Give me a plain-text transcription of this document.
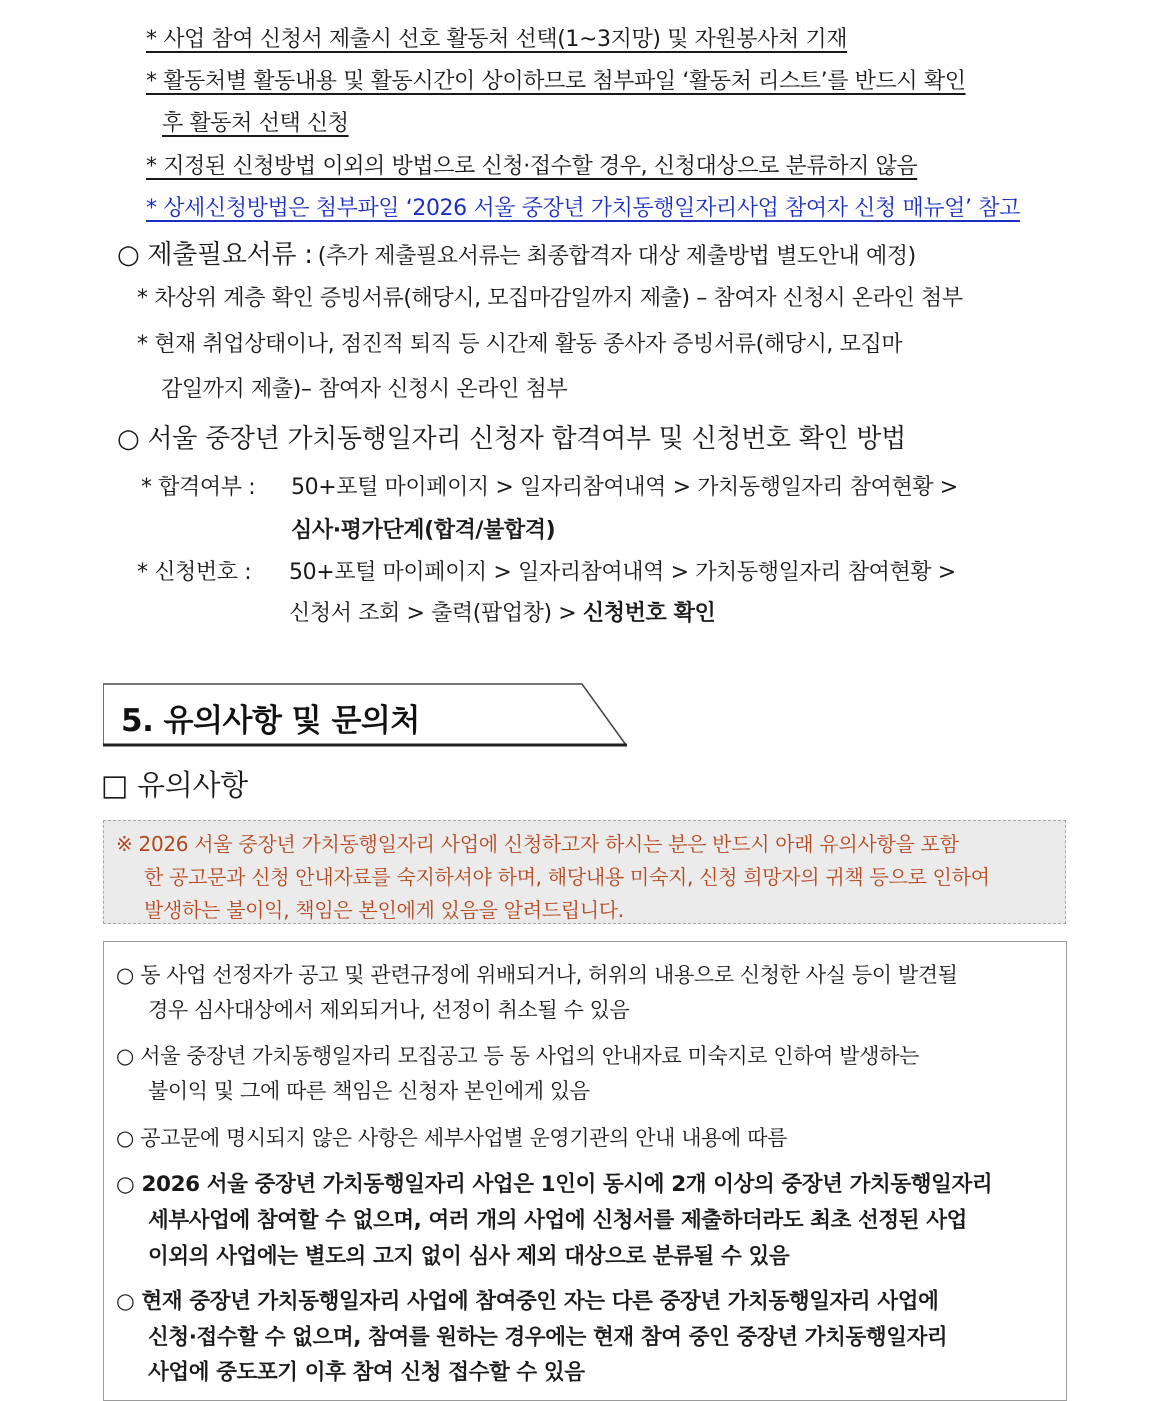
* 사업 참여 신청서 제출시 선호 활동처 선택(1~3지망) 및 자원봉사처 기재
* 활동처별 활동내용 및 활동시간이 상이하므로 첨부파일 ‘활동처 리스트’를 반드시 확인
후 활동처 선택 신청
* 지정된 신청방법 이외의 방법으로 신청·접수할 경우, 신청대상으로 분류하지 않음
* 상세신청방법은 첨부파일 ‘2026 서울 중장년 가치동행일자리사업 참여자 신청 매뉴얼’ 참고
○ 제출필요서류 : (추가 제출필요서류는 최종합격자 대상 제출방법 별도안내 예정)
* 차상위 계층 확인 증빙서류(해당시, 모집마감일까지 제출) – 참여자 신청시 온라인 첨부
* 현재 취업상태이나, 점진적 퇴직 등 시간제 활동 종사자 증빙서류(해당시, 모집마
감일까지 제출)– 참여자 신청시 온라인 첨부
○ 서울 중장년 가치동행일자리 신청자 합격여부 및 신청번호 확인 방법
* 합격여부 : 50+포털 마이페이지 > 일자리참여내역 > 가치동행일자리 참여현황 >
심사·평가단계(합격/불합격)
* 신청번호 : 50+포털 마이페이지 > 일자리참여내역 > 가치동행일자리 참여현황 >
신청서 조회 > 출력(팝업창) > 신청번호 확인
5. 유의사항 및 문의처
□ 유의사항
※ 2026 서울 중장년 가치동행일자리 사업에 신청하고자 하시는 분은 반드시 아래 유의사항을 포함
한 공고문과 신청 안내자료를 숙지하셔야 하며, 해당내용 미숙지, 신청 희망자의 귀책 등으로 인하여
발생하는 불이익, 책임은 본인에게 있음을 알려드립니다.
○ 동 사업 선정자가 공고 및 관련규정에 위배되거나, 허위의 내용으로 신청한 사실 등이 발견될
경우 심사대상에서 제외되거나, 선정이 취소될 수 있음
○ 서울 중장년 가치동행일자리 모집공고 등 동 사업의 안내자료 미숙지로 인하여 발생하는
불이익 및 그에 따른 책임은 신청자 본인에게 있음
○ 공고문에 명시되지 않은 사항은 세부사업별 운영기관의 안내 내용에 따름
○ 2026 서울 중장년 가치동행일자리 사업은 1인이 동시에 2개 이상의 중장년 가치동행일자리
세부사업에 참여할 수 없으며, 여러 개의 사업에 신청서를 제출하더라도 최초 선정된 사업
이외의 사업에는 별도의 고지 없이 심사 제외 대상으로 분류될 수 있음
○ 현재 중장년 가치동행일자리 사업에 참여중인 자는 다른 중장년 가치동행일자리 사업에
신청·접수할 수 없으며, 참여를 원하는 경우에는 현재 참여 중인 중장년 가치동행일자리
사업에 중도포기 이후 참여 신청 접수할 수 있음
